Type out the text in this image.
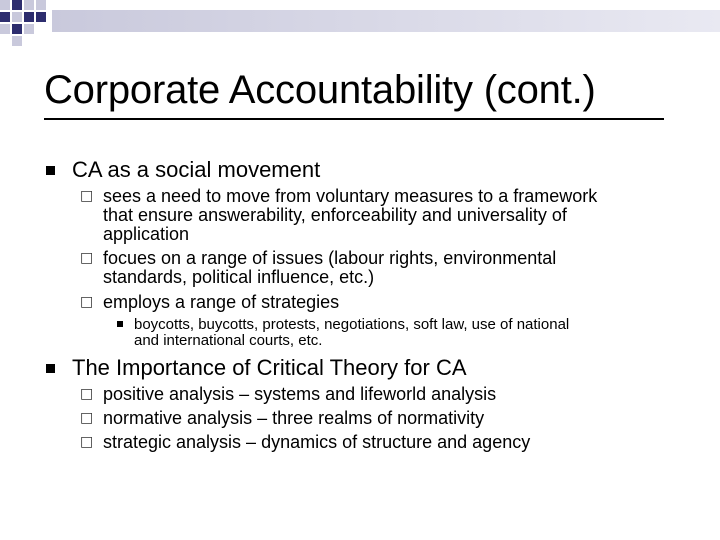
Corporate Accountability (cont.)
CA as a social movement
□ sees a need to move from voluntary measures to a framework
that ensure answerability, enforceability and universality of
application
□ focues on a range of issues (labour rights, environmental
standards, political influence, etc.)
□ employs a range of strategies
boycotts, buycotts, protests, negotiations, soft law, use of national
and international courts, etc.
The Importance of Critical Theory for CA
□ positive analysis – systems and lifeworld analysis
□ normative analysis – three realms of normativity
□ strategic analysis – dynamics of structure and agency
